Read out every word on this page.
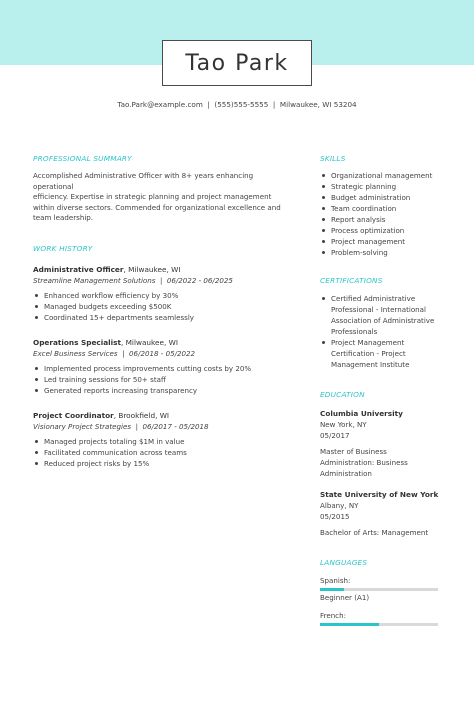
Tao Park
Tao.Park@example.com  |  (555)555-5555  |  Milwaukee, WI 53204
PROFESSIONAL SUMMARY
Accomplished Administrative Officer with 8+ years enhancing operational
efficiency. Expertise in strategic planning and project management
within diverse sectors. Commended for organizational excellence and
team leadership.
WORK HISTORY
Administrative Officer, Milwaukee, WI
Streamline Management Solutions  |  06/2022 - 06/2025
Enhanced workflow efficiency by 30%
Managed budgets exceeding $500K
Coordinated 15+ departments seamlessly
Operations Specialist, Milwaukee, WI
Excel Business Services  |  06/2018 - 05/2022
Implemented process improvements cutting costs by 20%
Led training sessions for 50+ staff
Generated reports increasing transparency
Project Coordinator, Brookfield, WI
Visionary Project Strategies  |  06/2017 - 05/2018
Managed projects totaling $1M in value
Facilitated communication across teams
Reduced project risks by 15%
SKILLS
Organizational management
Strategic planning
Budget administration
Team coordination
Report analysis
Process optimization
Project management
Problem-solving
CERTIFICATIONS
Certified Administrative
Professional - International
Association of Administrative
Professionals
Project Management
Certification - Project
Management Institute
EDUCATION
Columbia University
New York, NY
05/2017
Master of Business
Administration: Business
Administration
State University of New York
Albany, NY
05/2015
Bachelor of Arts: Management
LANGUAGES
Spanish:
Beginner (A1)
French:
